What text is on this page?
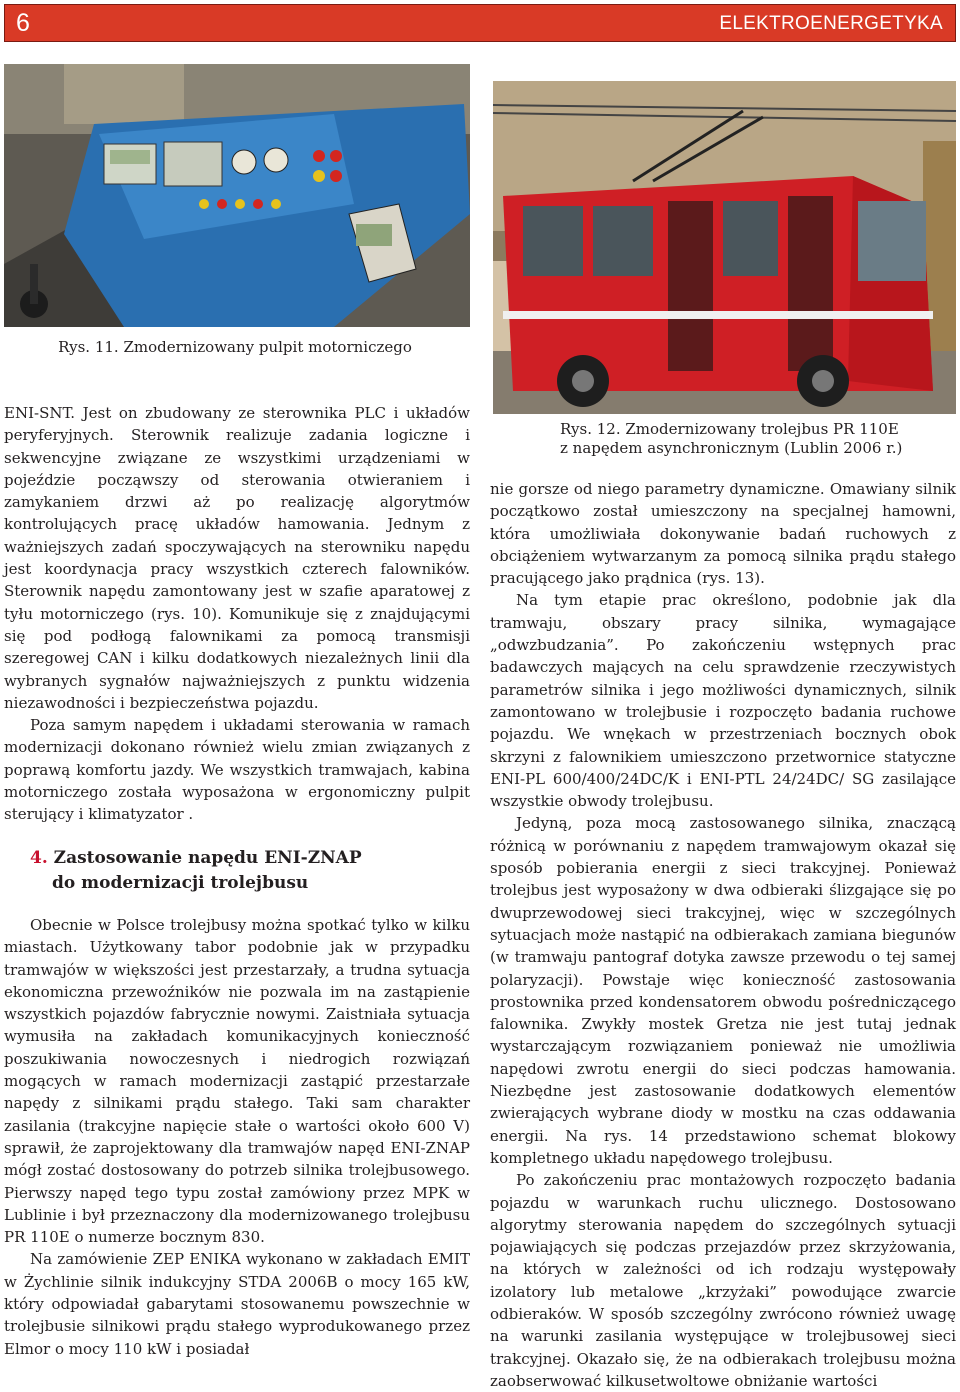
6	ELEKTROENERGETYKA
Rys. 11. Zmodernizowany pulpit motorniczego
Rys. 12. Zmodernizowany trolejbus PR 110E
z napędem asynchronicznym (Lublin 2006 r.)

ENI-SNT. Jest on zbudowany ze sterownika PLC i układów peryferyjnych. Sterownik realizuje zadania logiczne i sekwencyjne związane ze wszystkimi urządzeniami w pojeździe począwszy od sterowania otwieraniem i zamykaniem drzwi aż po realizację algorytmów kontrolujących pracę układów hamowania. Jednym z ważniejszych zadań spoczywających na sterowniku napędu jest koordynacja pracy wszystkich czterech falowników. Sterownik napędu zamontowany jest w szafie aparatowej z tyłu motorniczego (rys. 10). Komunikuje się z znajdującymi się pod podłogą falownikami za pomocą transmisji szeregowej CAN i kilku dodatkowych niezależnych linii dla wybranych sygnałów najważniejszych z punktu widzenia niezawodności i bezpieczeństwa pojazdu.

Poza samym napędem i układami sterowania w ramach modernizacji dokonano również wielu zmian związanych z poprawą komfortu jazdy. We wszystkich tramwajach, kabina motorniczego została wyposażona w ergonomiczny pulpit sterujący i klimatyzator .

4. Zastosowanie napędu ENI-ZNAP
do modernizacji trolejbusu

Obecnie w Polsce trolejbusy można spotkać tylko w kilku miastach. Użytkowany tabor podobnie jak w przypadku tramwajów w większości jest przestarzały, a trudna sytuacja ekonomiczna przewoźników nie pozwala im na zastąpienie wszystkich pojazdów fabrycznie nowymi. Zaistniała sytuacja wymusiła na zakładach komunikacyjnych konieczność poszukiwania nowoczesnych i niedrogich rozwiązań mogących w ramach modernizacji zastąpić przestarzałe napędy z silnikami prądu stałego. Taki sam charakter zasilania (trakcyjne napięcie stałe o wartości około 600 V) sprawił, że zaprojektowany dla tramwajów napęd ENI-ZNAP mógł zostać dostosowany do potrzeb silnika trolejbusowego. Pierwszy napęd tego typu został zamówiony przez MPK w Lublinie i był przeznaczony dla modernizowanego trolejbusu PR 110E o numerze bocznym 830.

Na zamówienie ZEP ENIKA wykonano w zakładach EMIT w Żychlinie silnik indukcyjny STDA 2006B o mocy 165 kW, który odpowiadał gabarytami stosowanemu powszechnie w trolejbusie silnikowi prądu stałego wyprodukowanego przez Elmor o mocy 110 kW i posiadał

nie gorsze od niego parametry dynamiczne. Omawiany silnik początkowo został umieszczony na specjalnej hamowni, która umożliwiała dokonywanie badań ruchowych z obciążeniem wytwarzanym za pomocą silnika prądu stałego pracującego jako prądnica (rys. 13).

Na tym etapie prac określono, podobnie jak dla tramwaju, obszary pracy silnika, wymagające „odwzbudzania”. Po zakończeniu wstępnych prac badawczych mających na celu sprawdzenie rzeczywistych parametrów silnika i jego możliwości dynamicznych, silnik zamontowano w trolejbusie i rozpoczęto badania ruchowe pojazdu. We wnękach w przestrzeniach bocznych obok skrzyni z falownikiem umieszczono przetwornice statyczne ENI-PL 600/400/24DC/K i ENI-PTL 24/24DC/ SG zasilające wszystkie obwody trolejbusu.

Jedyną, poza mocą zastosowanego silnika, znaczącą różnicą w porównaniu z napędem tramwajowym okazał się sposób pobierania energii z sieci trakcyjnej. Ponieważ trolejbus jest wyposażony w dwa odbieraki ślizgające się po dwuprzewodowej sieci trakcyjnej, więc w szczególnych sytuacjach może nastąpić na odbierakach zamiana biegunów (w tramwaju pantograf dotyka zawsze przewodu o tej samej polaryzacji). Powstaje więc konieczność zastosowania prostownika przed kondensatorem obwodu pośredniczącego falownika. Zwykły mostek Gretza nie jest tutaj jednak wystarczającym rozwiązaniem ponieważ nie umożliwia napędowi zwrotu energii do sieci podczas hamowania. Niezbędne jest zastosowanie dodatkowych elementów zwierających wybrane diody w mostku na czas oddawania energii. Na rys. 14 przedstawiono schemat blokowy kompletnego układu napędowego trolejbusu.

Po zakończeniu prac montażowych rozpoczęto badania pojazdu w warunkach ruchu ulicznego. Dostosowano algorytmy sterowania napędem do szczególnych sytuacji pojawiających się podczas przejazdów przez skrzyżowania, na których w zależności od ich rodzaju występowały izolatory lub metalowe „krzyżaki” powodujące zwarcie odbieraków. W sposób szczególny zwrócono również uwagę na warunki zasilania występujące w trolejbusowej sieci trakcyjnej. Okazało się, że na odbierakach trolejbusu można zaobserwować kilkusetwoltowe obniżanie wartości
